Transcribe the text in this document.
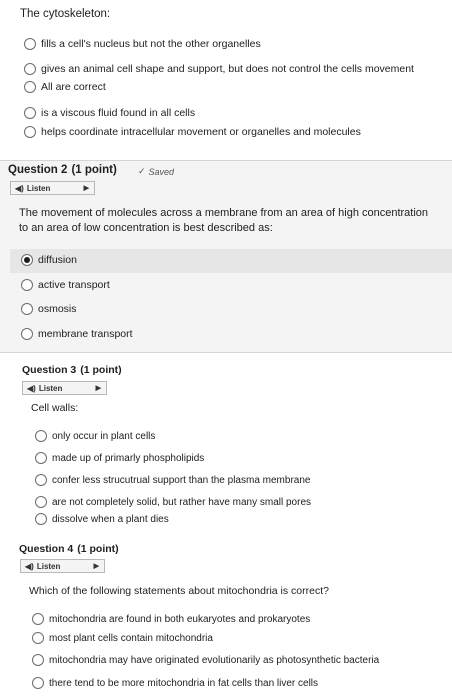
The cytoskeleton:
fills a cell's nucleus but not the other organelles
gives an animal cell shape and support, but does not control the cells movement
All are correct
is a viscous fluid found in all cells
helps coordinate intracellular movement or organelles and molecules
Question 2 (1 point) ✓ Saved
◀) Listen	▶
The movement of molecules across a membrane from an area of high concentration
to an area of low concentration is best described as:
diffusion
active transport
osmosis
membrane transport
Question 3 (1 point)
◀) Listen	▶
Cell walls:
only occur in plant cells
made up of primarly phospholipids
confer less strucutrual support than the plasma membrane
are not completely solid, but rather have many small pores
dissolve when a plant dies
Question 4 (1 point)
◀) Listen	▶
Which of the following statements about mitochondria is correct?
mitochondria are found in both eukaryotes and prokaryotes
most plant cells contain mitochondria
mitochondria may have originated evolutionarily as photosynthetic bacteria
there tend to be more mitochondria in fat cells than liver cells
